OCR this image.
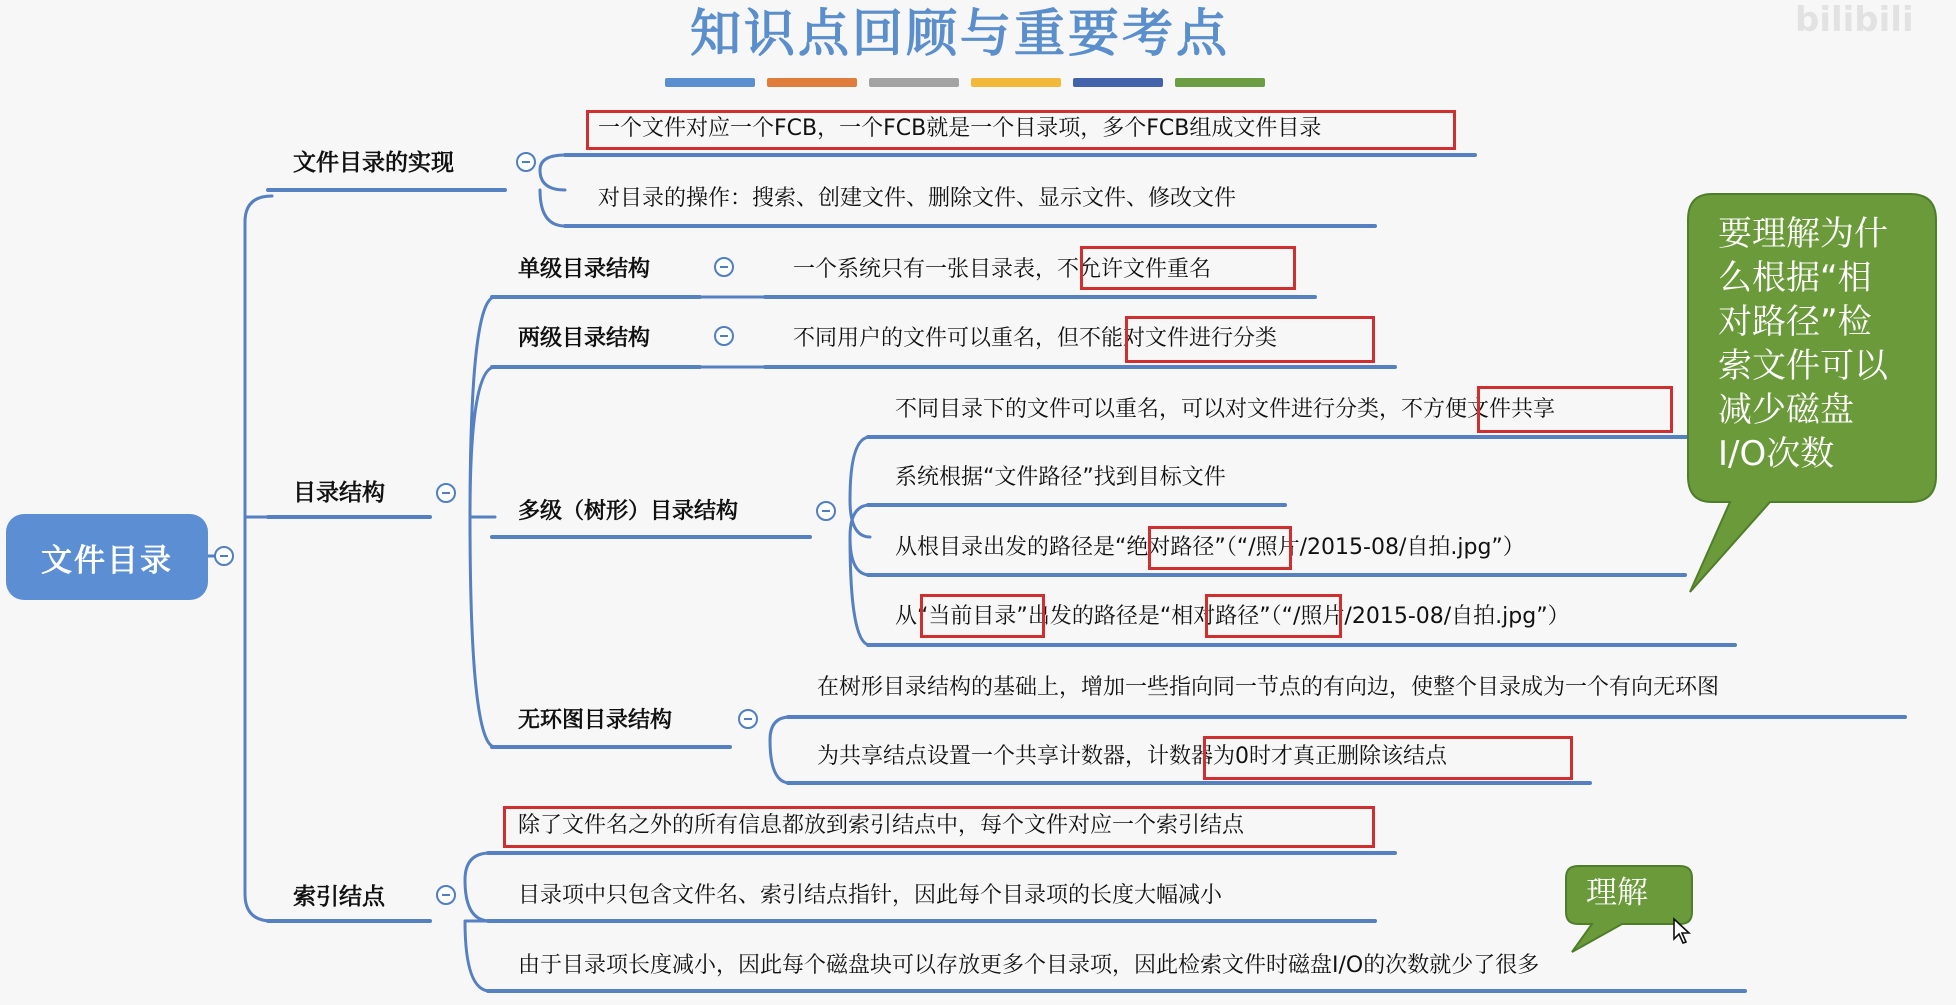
知识点回顾与重要考点	bilibili
文件目录
文件目录的实现
目录结构
索引结点
一个文件对应一个FCB，一个FCB就是一个目录项，多个FCB组成文件目录
对目录的操作：搜索、创建文件、删除文件、显示文件、修改文件
单级目录结构	一个系统只有一张目录表，不允许文件重名
两级目录结构	不同用户的文件可以重名，但不能对文件进行分类
多级（树形）目录结构
不同目录下的文件可以重名，可以对文件进行分类，不方便文件共享
系统根据“文件路径”找到目标文件
从根目录出发的路径是“绝对路径”（“/照片/2015-08/自拍.jpg”）
从“当前目录”出发的路径是“相对路径”（“/照片/2015-08/自拍.jpg”）
无环图目录结构
在树形目录结构的基础上，增加一些指向同一节点的有向边，使整个目录成为一个有向无环图
为共享结点设置一个共享计数器，计数器为0时才真正删除该结点
除了文件名之外的所有信息都放到索引结点中，每个文件对应一个索引结点
目录项中只包含文件名、索引结点指针，因此每个目录项的长度大幅减小
由于目录项长度减小，因此每个磁盘块可以存放更多个目录项，因此检索文件时磁盘I/O的次数就少了很多
要理解为什
么根据“相
对路径”检
索文件可以
减少磁盘
I/O次数
理解
